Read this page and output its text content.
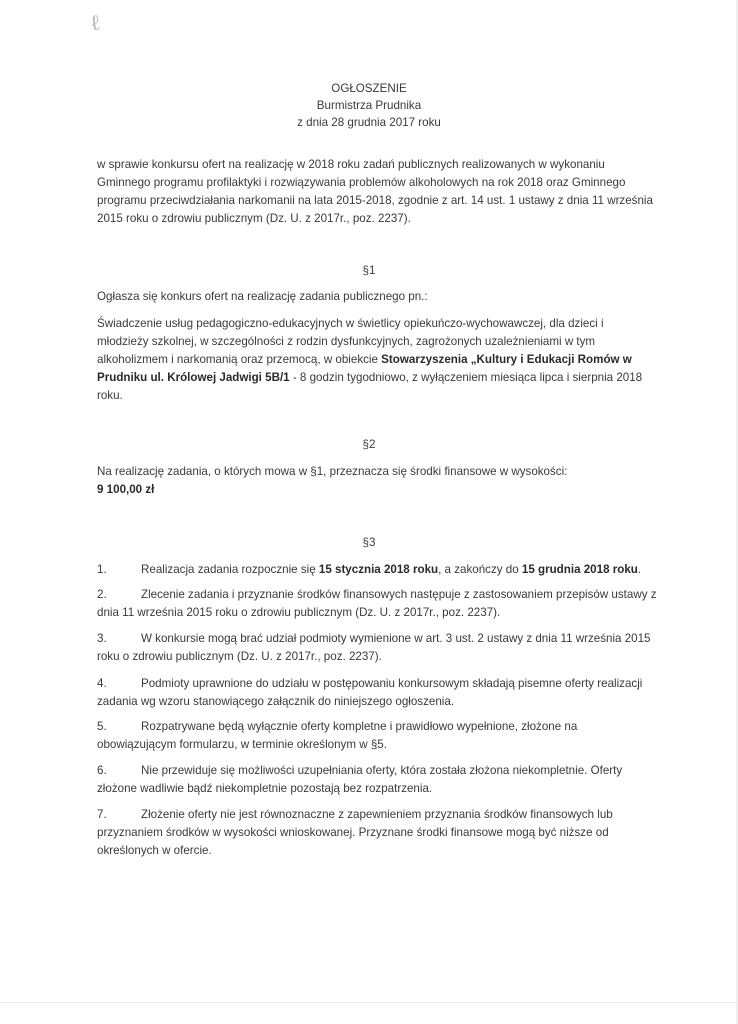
ℓ

OGŁOSZENIE

Burmistrza Prudnika

z dnia 28 grudnia 2017 roku

w sprawie konkursu ofert na realizację w 2018 roku zadań publicznych realizowanych w wykonaniu Gminnego programu profilaktyki i rozwiązywania problemów alkoholowych na rok 2018 oraz Gminnego programu przeciwdziałania narkomanii na lata 2015-2018, zgodnie z art. 14 ust. 1 ustawy z dnia 11 września 2015 roku o zdrowiu publicznym (Dz. U. z 2017r., poz. 2237).

§1

Ogłasza się konkurs ofert na realizację zadania publicznego pn.:

Świadczenie usług pedagogiczno-edukacyjnych w świetlicy opiekuńczo-wychowawczej, dla dzieci i młodzieży szkolnej, w szczególności z rodzin dysfunkcyjnych, zagrożonych uzależnieniami w tym alkoholizmem i narkomanią oraz przemocą, w obiekcie Stowarzyszenia „Kultury i Edukacji Romów w Prudniku ul. Królowej Jadwigi 5B/1 - 8 godzin tygodniowo, z wyłączeniem miesiąca lipca i sierpnia 2018 roku.

§2

Na realizację zadania, o których mowa w §1, przeznacza się środki finansowe w wysokości:

9 100,00 zł

§3

1.	Realizacja zadania rozpocznie się 15 stycznia 2018 roku, a zakończy do 15 grudnia 2018 roku.

2.	Zlecenie zadania i przyznanie środków finansowych następuje z zastosowaniem przepisów ustawy z dnia 11 września 2015 roku o zdrowiu publicznym (Dz. U. z 2017r., poz. 2237).

3.	W konkursie mogą brać udział podmioty wymienione w art. 3 ust. 2 ustawy z dnia 11 września 2015 roku o zdrowiu publicznym (Dz. U. z 2017r., poz. 2237).

4.	Podmioty uprawnione do udziału w postępowaniu konkursowym składają pisemne oferty realizacji zadania wg wzoru stanowiącego załącznik do niniejszego ogłoszenia.

5.	Rozpatrywane będą wyłącznie oferty kompletne i prawidłowo wypełnione, złożone na obowiązującym formularzu, w terminie określonym w §5.

6.	Nie przewiduje się możliwości uzupełniania oferty, która została złożona niekompletnie. Oferty złożone wadliwie bądź niekompletnie pozostają bez rozpatrzenia.

7.	Złożenie oferty nie jest równoznaczne z zapewnieniem przyznania środków finansowych lub przyznaniem środków w wysokości wnioskowanej. Przyznane środki finansowe mogą być niższe od określonych w ofercie.
